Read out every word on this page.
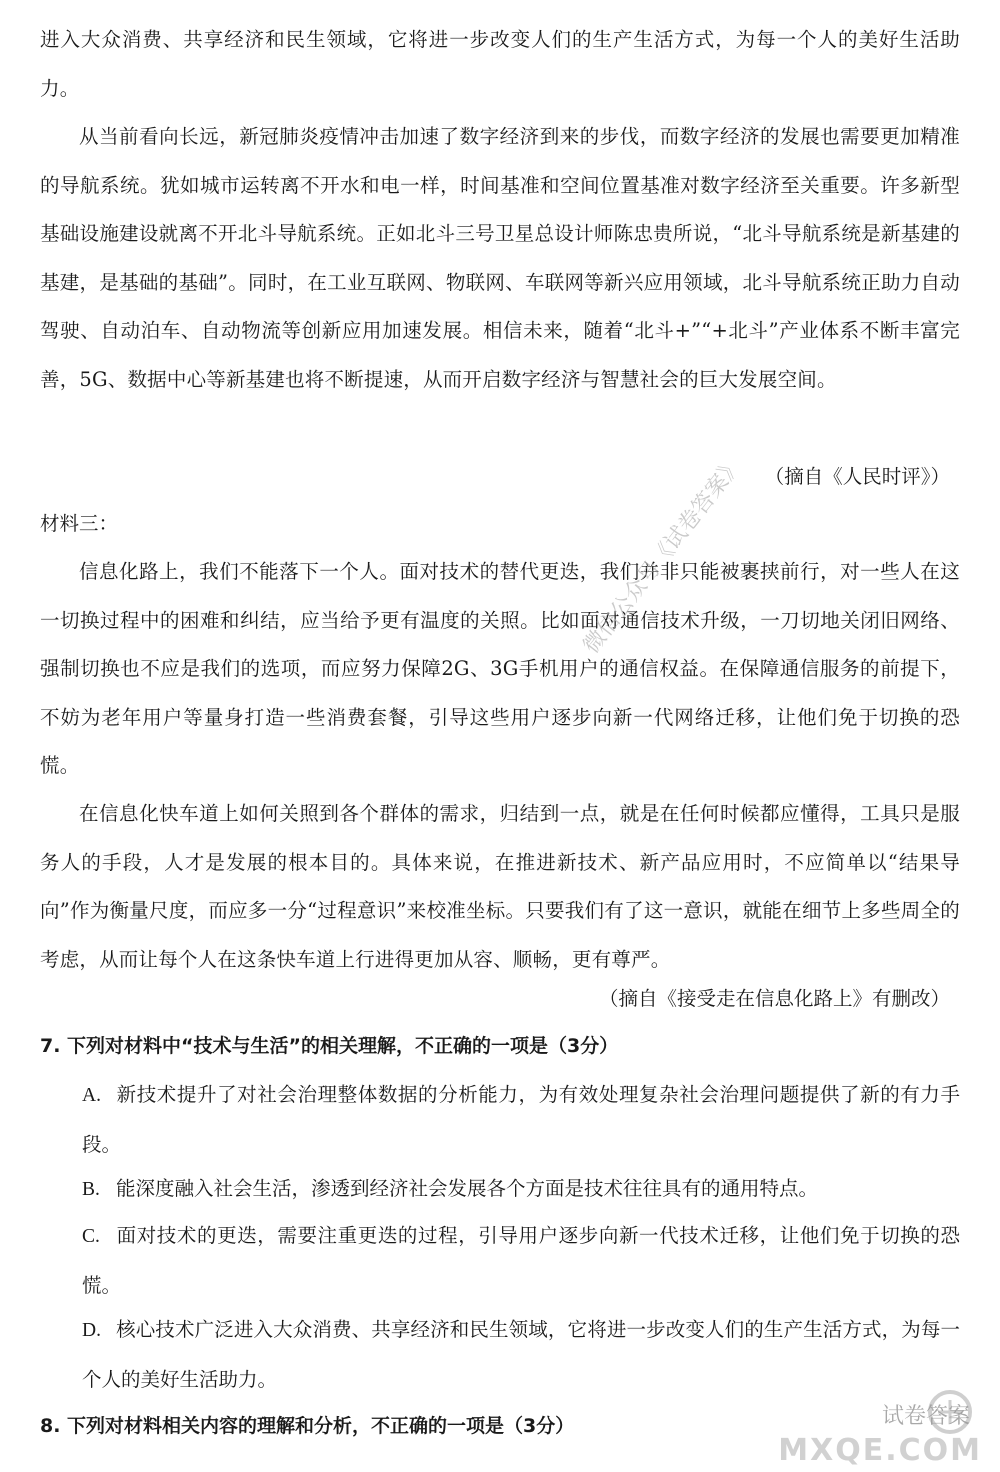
进入大众消费、共享经济和民生领域，它将进一步改变人们的生产生活方式，为每一个人的美好生活助力。
从当前看向长远，新冠肺炎疫情冲击加速了数字经济到来的步伐，而数字经济的发展也需要更加精准的导航系统。犹如城市运转离不开水和电一样，时间基准和空间位置基准对数字经济至关重要。许多新型基础设施建设就离不开北斗导航系统。正如北斗三号卫星总设计师陈忠贵所说，“北斗导航系统是新基建的基建，是基础的基础”。同时，在工业互联网、物联网、车联网等新兴应用领域，北斗导航系统正助力自动驾驶、自动泊车、自动物流等创新应用加速发展。相信未来，随着“北斗+”“+北斗”产业体系不断丰富完善，5G、数据中心等新基建也将不断提速，从而开启数字经济与智慧社会的巨大发展空间。
（摘自《人民时评》）
材料三：
信息化路上，我们不能落下一个人。面对技术的替代更迭，我们并非只能被裹挟前行，对一些人在这一切换过程中的困难和纠结，应当给予更有温度的关照。比如面对通信技术升级，一刀切地关闭旧网络、强制切换也不应是我们的选项，而应努力保障2G、3G手机用户的通信权益。在保障通信服务的前提下，不妨为老年用户等量身打造一些消费套餐，引导这些用户逐步向新一代网络迁移，让他们免于切换的恐慌。
在信息化快车道上如何关照到各个群体的需求，归结到一点，就是在任何时候都应懂得，工具只是服务人的手段，人才是发展的根本目的。具体来说，在推进新技术、新产品应用时，不应简单以“结果导向”作为衡量尺度，而应多一分“过程意识”来校准坐标。只要我们有了这一意识，就能在细节上多些周全的考虑，从而让每个人在这条快车道上行进得更加从容、顺畅，更有尊严。
（摘自《接受走在信息化路上》有删改）
7. 下列对材料中“技术与生活”的相关理解，不正确的一项是（3分）
A. 新技术提升了对社会治理整体数据的分析能力，为有效处理复杂社会治理问题提供了新的有力手段。
B. 能深度融入社会生活，渗透到经济社会发展各个方面是技术往往具有的通用特点。
C. 面对技术的更迭，需要注重更迭的过程，引导用户逐步向新一代技术迁移，让他们免于切换的恐慌。
D. 核心技术广泛进入大众消费、共享经济和民生领域，它将进一步改变人们的生产生活方式，为每一个人的美好生活助力。
8. 下列对材料相关内容的理解和分析，不正确的一项是（3分）
微信公众号《试卷答案》
试卷答案
MXQE.COM
